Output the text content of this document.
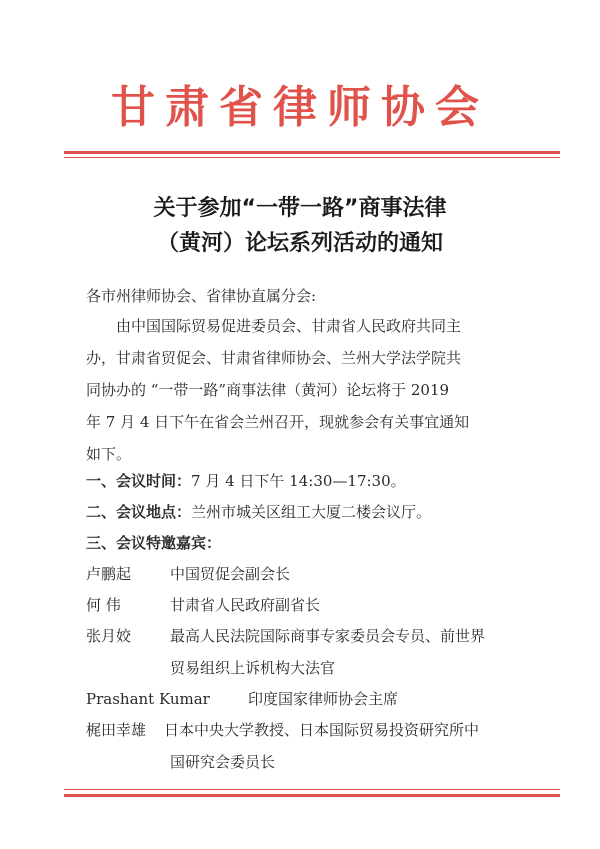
甘肃省律师协会
关于参加“一带一路”商事法律
（黄河）论坛系列活动的通知
各市州律师协会、省律协直属分会:
由中国国际贸易促进委员会、甘肃省人民政府共同主
办，甘肃省贸促会、甘肃省律师协会、兰州大学法学院共
同协办的 “一带一路”商事法律（黄河）论坛将于 2019
年 7 月 4 日下午在省会兰州召开，现就参会有关事宜通知
如下。
一、会议时间：7 月 4 日下午 14:30—17:30。
二、会议地点：兰州市城关区组工大厦二楼会议厅。
三、会议特邀嘉宾：
卢鹏起	中国贸促会副会长
何 伟	甘肃省人民政府副省长
张月姣	最高人民法院国际商事专家委员会专员、前世界
贸易组织上诉机构大法官
Prashant Kumar	印度国家律师协会主席
梶田幸雄 日本中央大学教授、日本国际贸易投资研究所中
国研究会委员长
